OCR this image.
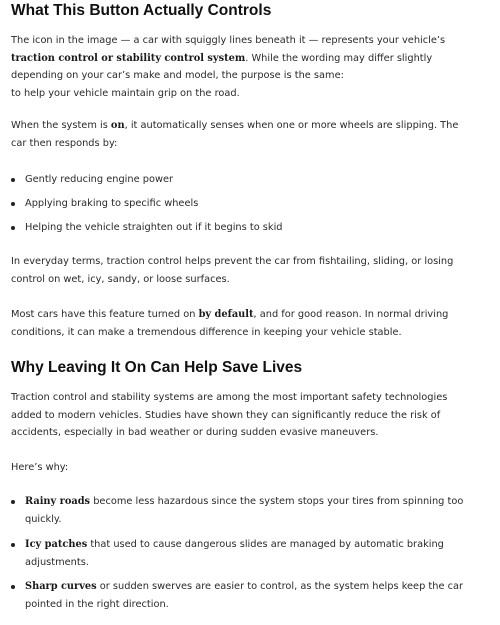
What This Button Actually Controls
The icon in the image — a car with squiggly lines beneath it — represents your vehicle’s
traction control or stability control system. While the wording may differ slightly
depending on your car’s make and model, the purpose is the same:
to help your vehicle maintain grip on the road.
When the system is on, it automatically senses when one or more wheels are slipping. The
car then responds by:
Gently reducing engine power
Applying braking to specific wheels
Helping the vehicle straighten out if it begins to skid
In everyday terms, traction control helps prevent the car from fishtailing, sliding, or losing
control on wet, icy, sandy, or loose surfaces.
Most cars have this feature turned on by default, and for good reason. In normal driving
conditions, it can make a tremendous difference in keeping your vehicle stable.
Why Leaving It On Can Help Save Lives
Traction control and stability systems are among the most important safety technologies
added to modern vehicles. Studies have shown they can significantly reduce the risk of
accidents, especially in bad weather or during sudden evasive maneuvers.
Here’s why:
Rainy roads become less hazardous since the system stops your tires from spinning too
quickly.
Icy patches that used to cause dangerous slides are managed by automatic braking
adjustments.
Sharp curves or sudden swerves are easier to control, as the system helps keep the car
pointed in the right direction.
